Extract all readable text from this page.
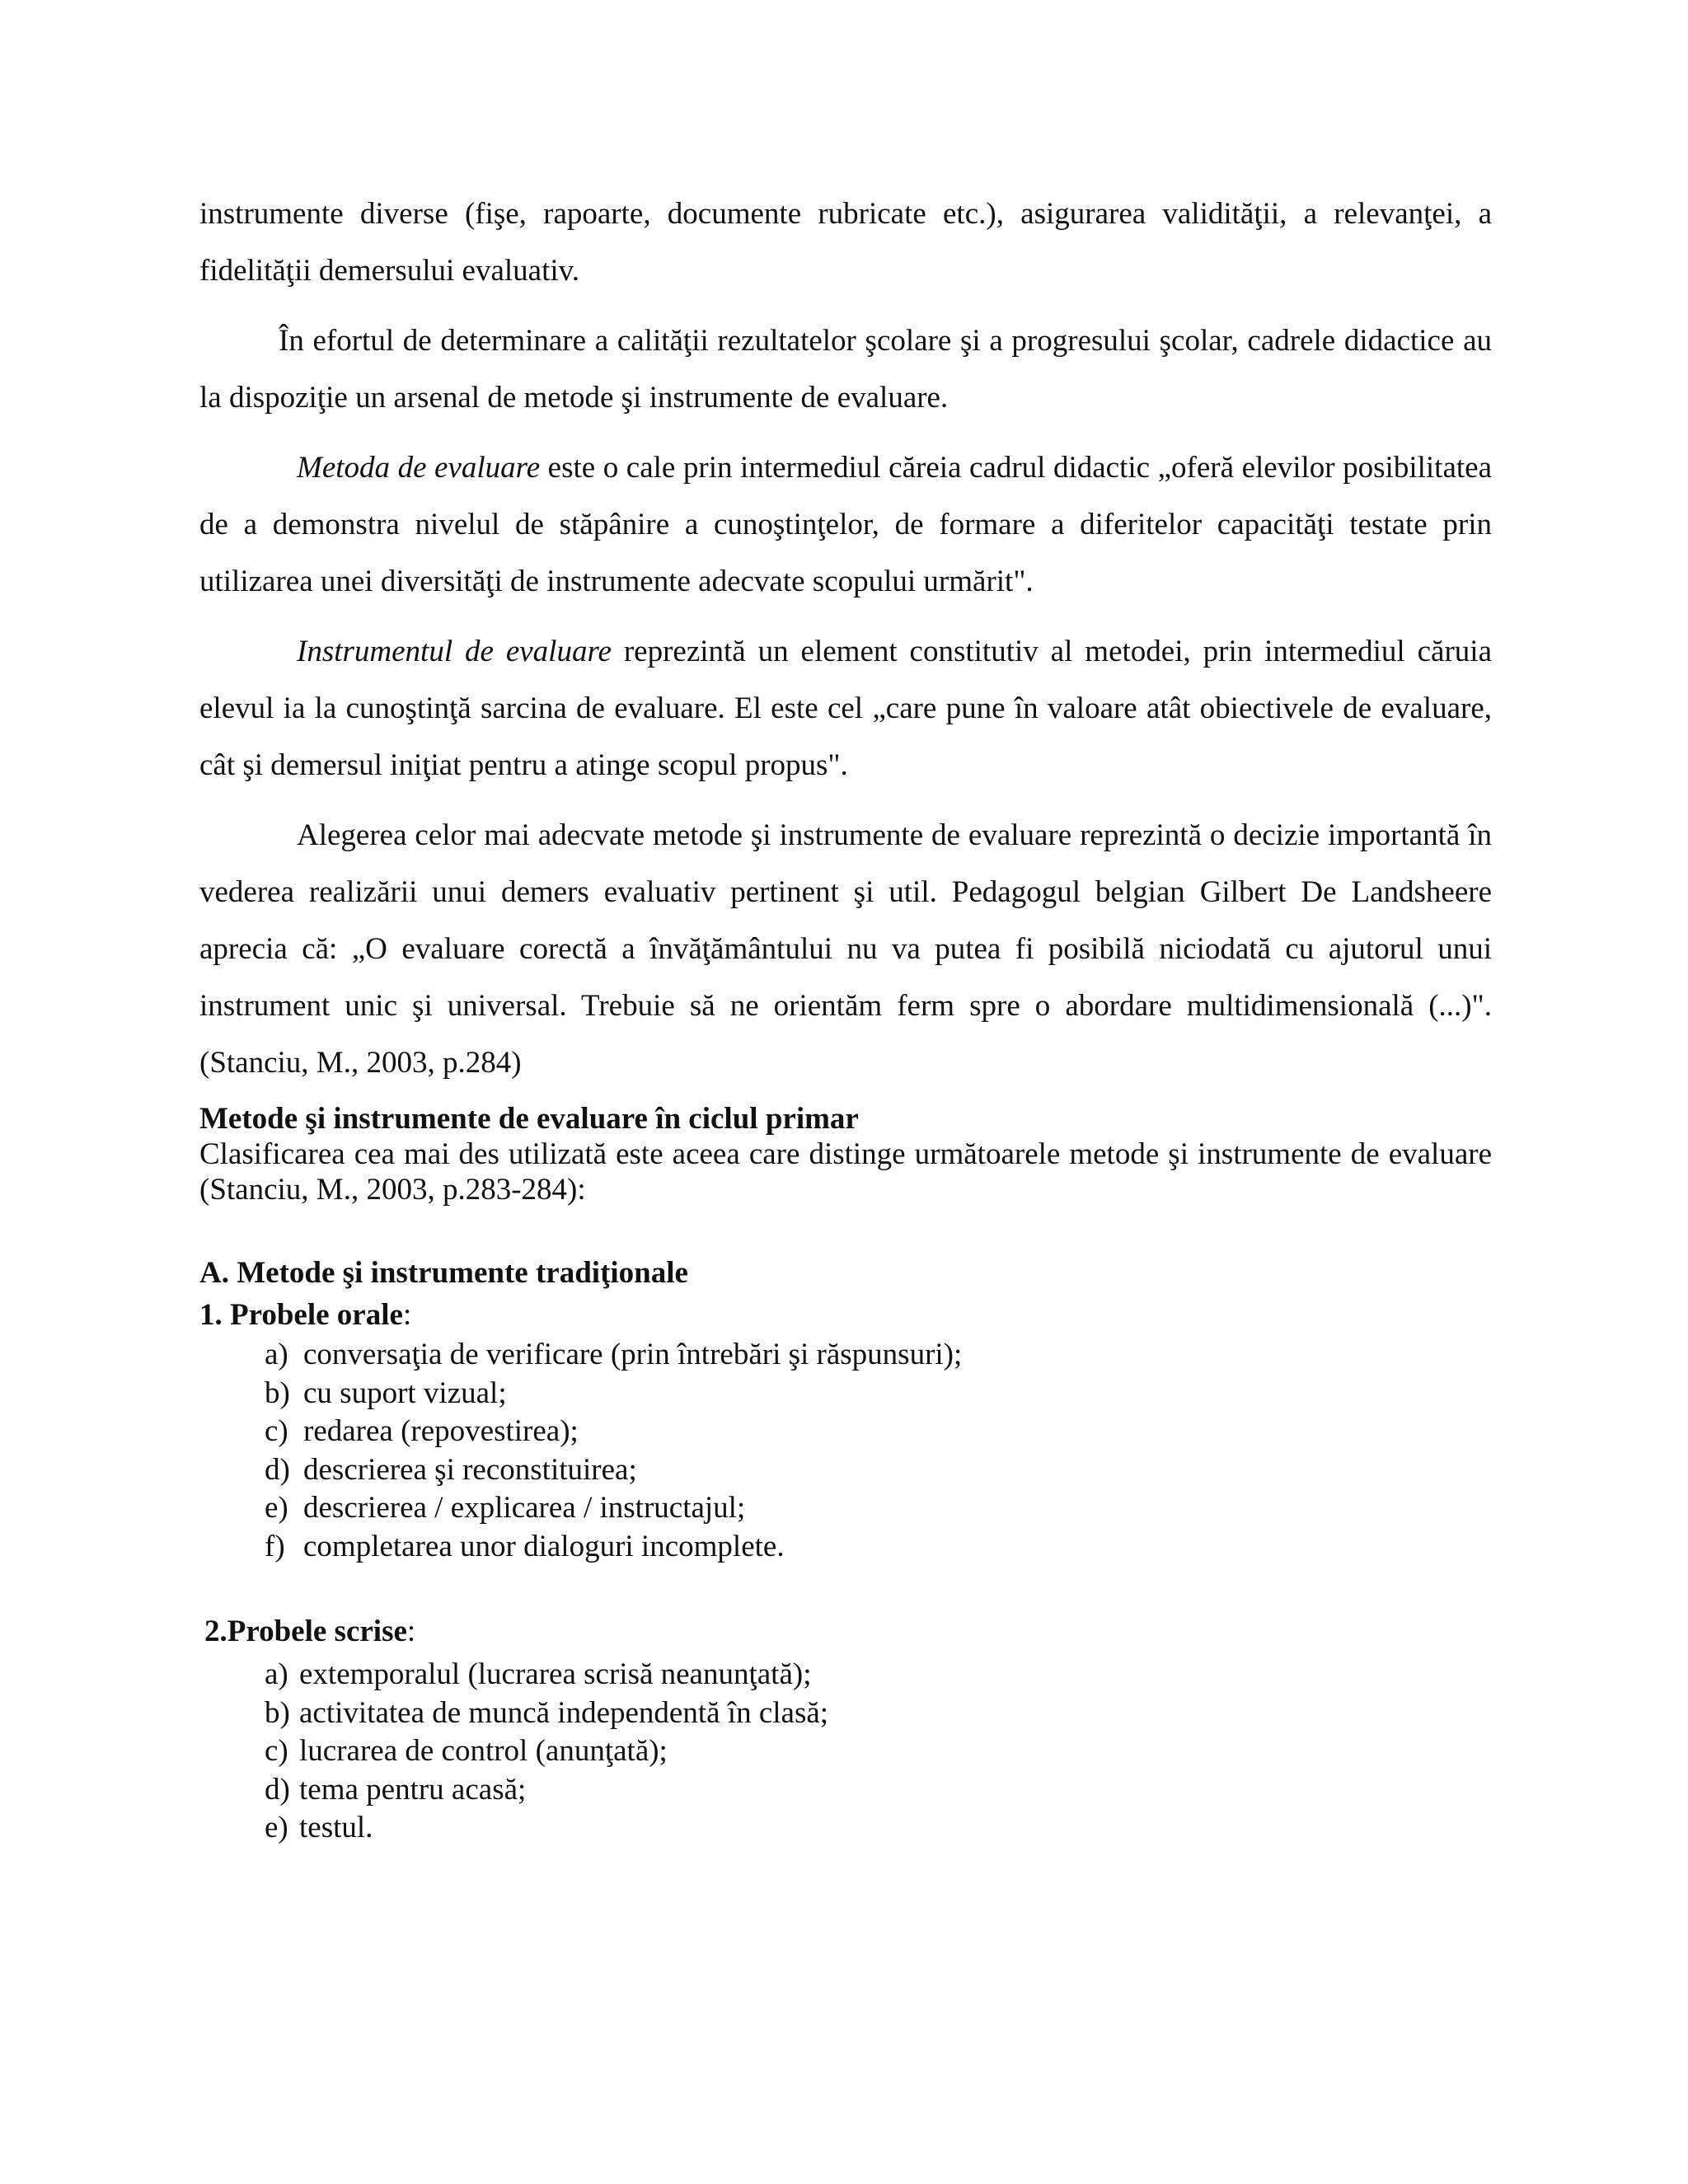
instrumente diverse (fişe, rapoarte, documente rubricate etc.), asigurarea validităţii, a relevanţei, a fidelităţii demersului evaluativ.

În efortul de determinare a calităţii rezultatelor şcolare şi a progresului şcolar, cadrele didactice au la dispoziţie un arsenal de metode şi instrumente de evaluare.

Metoda de evaluare este o cale prin intermediul căreia cadrul didactic „oferă elevilor posibilitatea de a demonstra nivelul de stăpânire a cunoştinţelor, de formare a diferitelor capacităţi testate prin utilizarea unei diversităţi de instrumente adecvate scopului urmărit".

Instrumentul de evaluare reprezintă un element constitutiv al metodei, prin intermediul căruia elevul ia la cunoştinţă sarcina de evaluare. El este cel „care pune în valoare atât obiectivele de evaluare, cât şi demersul iniţiat pentru a atinge scopul propus".

Alegerea celor mai adecvate metode şi instrumente de evaluare reprezintă o decizie importantă în vederea realizării unui demers evaluativ pertinent şi util. Pedagogul belgian Gilbert De Landsheere aprecia că: „O evaluare corectă a învăţământului nu va putea fi posibilă niciodată cu ajutorul unui instrument unic şi universal. Trebuie să ne orientăm ferm spre o abordare multidimensională (...)". (Stanciu, M., 2003, p.284)

Metode şi instrumente de evaluare în ciclul primar

Clasificarea cea mai des utilizată este aceea care distinge următoarele metode şi instrumente de evaluare (Stanciu, M., 2003, p.283-284):

A. Metode şi instrumente tradiţionale
1. Probele orale:
a) conversaţia de verificare (prin întrebări şi răspunsuri);
b) cu suport vizual;
c) redarea (repovestirea);
d) descrierea şi reconstituirea;
e) descrierea / explicarea / instructajul;
f) completarea unor dialoguri incomplete.
2.Probele scrise:
a) extemporalul (lucrarea scrisă neanunţată);
b) activitatea de muncă independentă în clasă;
c) lucrarea de control (anunţată);
d) tema pentru acasă;
e) testul.
